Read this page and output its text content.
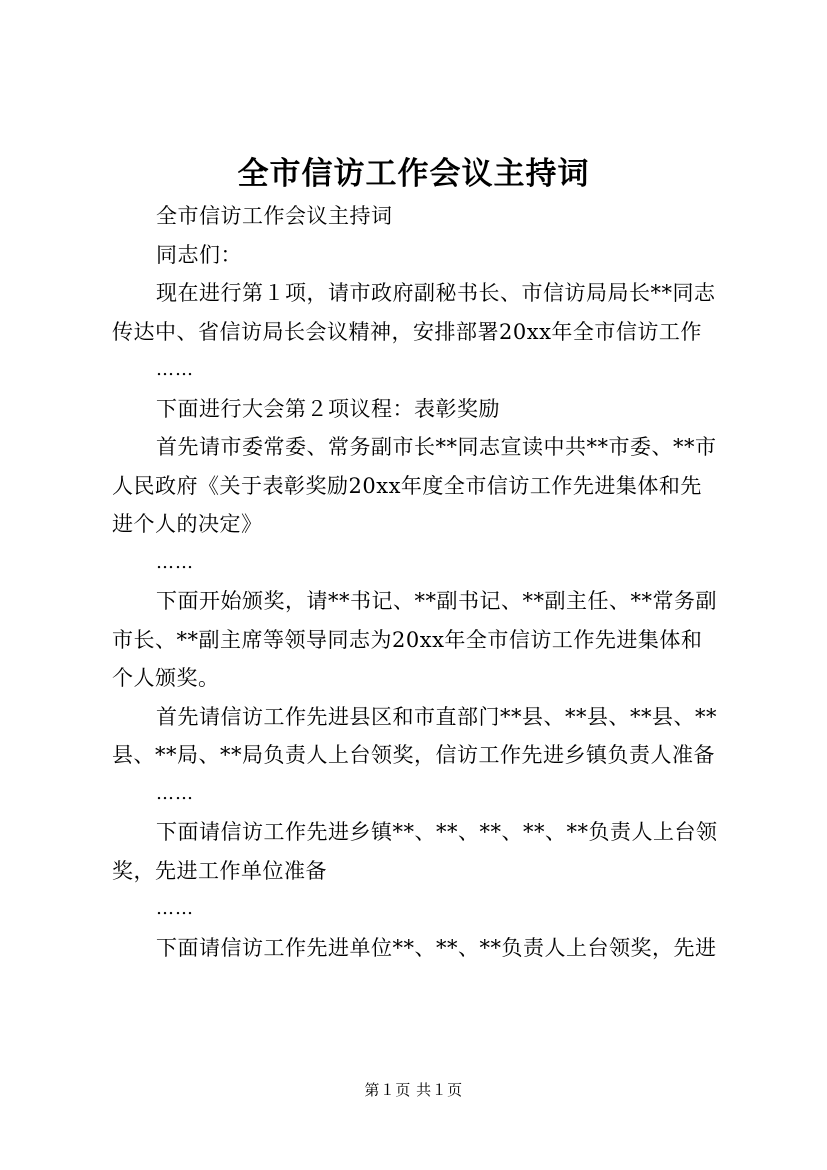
全市信访工作会议主持词

全市信访工作会议主持词

同志们：

现在进行第１项，请市政府副秘书长、市信访局局长**同志

传达中、省信访局长会议精神，安排部署20xx年全市信访工作

……

下面进行大会第２项议程：表彰奖励

首先请市委常委、常务副市长**同志宣读中共**市委、**市

人民政府《关于表彰奖励20xx年度全市信访工作先进集体和先

进个人的决定》

……

下面开始颁奖，请**书记、**副书记、**副主任、**常务副

市长、**副主席等领导同志为20xx年全市信访工作先进集体和

个人颁奖。

首先请信访工作先进县区和市直部门**县、**县、**县、**

县、**局、**局负责人上台领奖，信访工作先进乡镇负责人准备

……

下面请信访工作先进乡镇**、**、**、**、**负责人上台领

奖，先进工作单位准备

……

下面请信访工作先进单位**、**、**负责人上台领奖，先进

第１页 共１页
